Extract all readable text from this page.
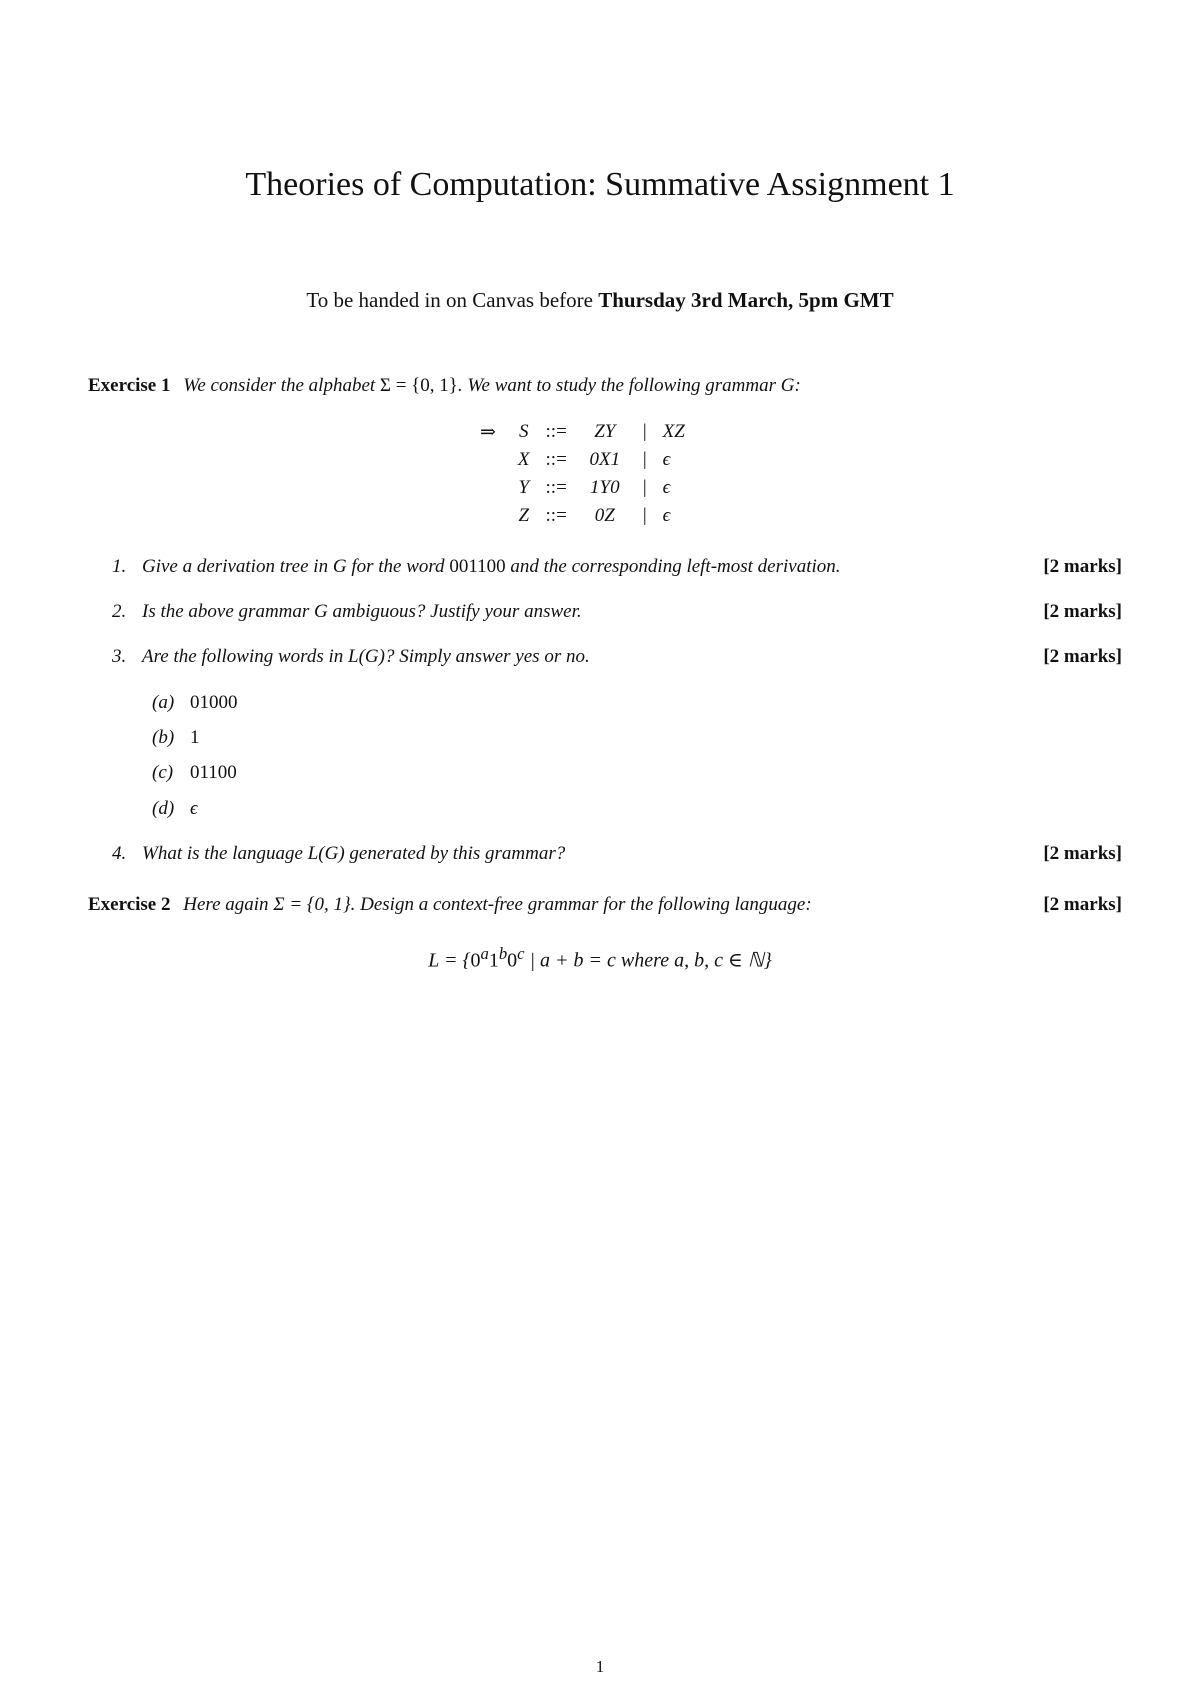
Theories of Computation: Summative Assignment 1
To be handed in on Canvas before Thursday 3rd March, 5pm GMT
Exercise 1 We consider the alphabet Σ = {0, 1}. We want to study the following grammar G:
⇒	S	::=	ZY	|	XZ
	X	::=	0X1	|	ϵ
	Y	::=	1Y0	|	ϵ
	Z	::=	0Z	|	ϵ
1. Give a derivation tree in G for the word 001100 and the corresponding left-most derivation.	[2 marks]
2. Is the above grammar G ambiguous? Justify your answer.	[2 marks]
3. Are the following words in L(G)? Simply answer yes or no.	[2 marks]
(a) 01000
(b) 1
(c) 01100
(d) ϵ
4. What is the language L(G) generated by this grammar?	[2 marks]
Exercise 2 Here again Σ = {0, 1}. Design a context-free grammar for the following language:	[2 marks]
$L = \{0^a1^b0^c$ | a + b = c where a, b, c ∈ ℕ}
1
